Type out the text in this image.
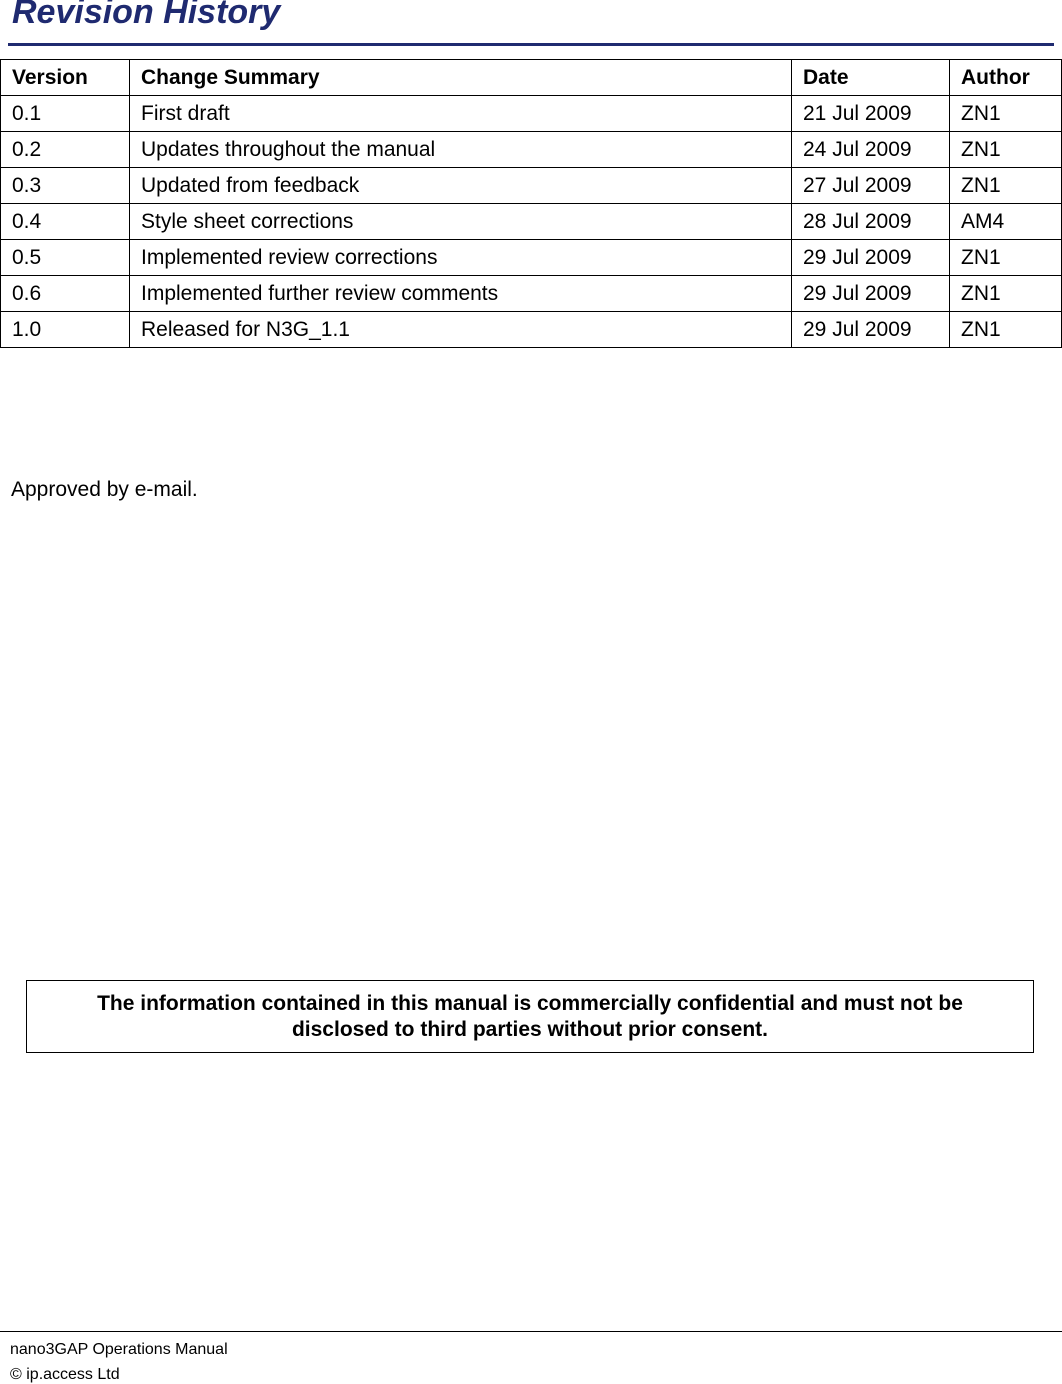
Revision History
Version	Change Summary	Date	Author
0.1	First draft	21 Jul 2009	ZN1
0.2	Updates throughout the manual	24 Jul 2009	ZN1
0.3	Updated from feedback	27 Jul 2009	ZN1
0.4	Style sheet corrections	28 Jul 2009	AM4
0.5	Implemented review corrections	29 Jul 2009	ZN1
0.6	Implemented further review comments	29 Jul 2009	ZN1
1.0	Released for N3G_1.1	29 Jul 2009	ZN1
Approved by e-mail.
The information contained in this manual is commercially confidential and must not be disclosed to third parties without prior consent.
nano3GAP Operations Manual
© ip.access Ltd
